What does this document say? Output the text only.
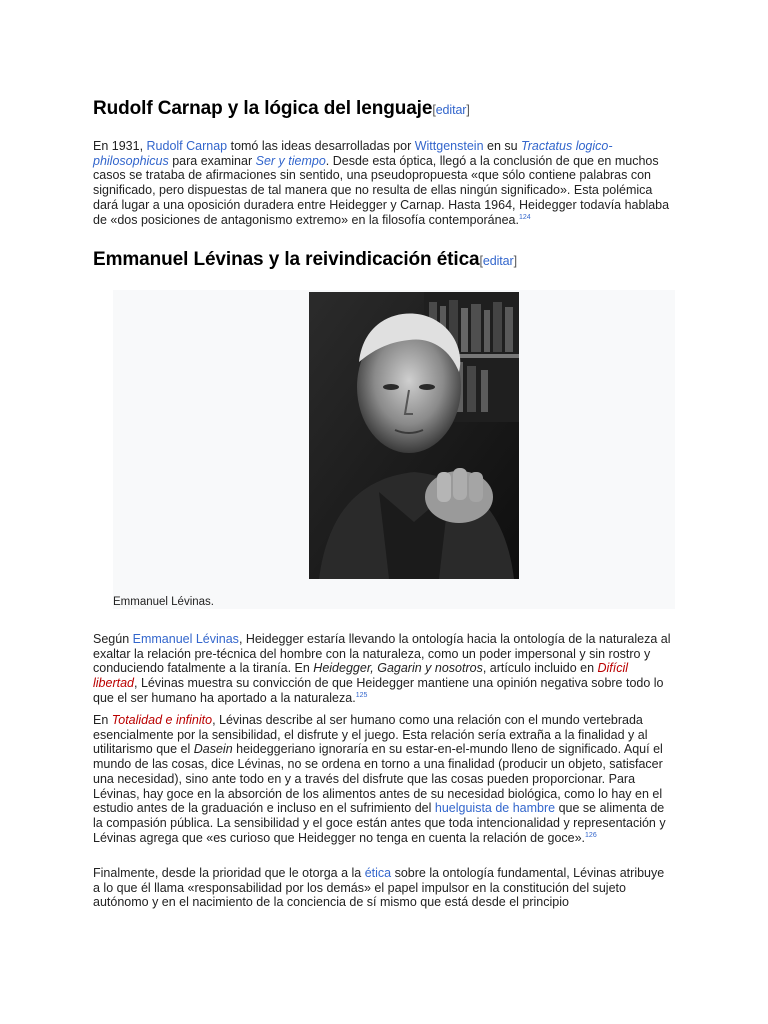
Rudolf Carnap y la lógica del lenguaje[editar]

En 1931, Rudolf Carnap tomó las ideas desarrolladas por Wittgenstein en su Tractatus logico-philosophicus para examinar Ser y tiempo. Desde esta óptica, llegó a la conclusión de que en muchos casos se trataba de afirmaciones sin sentido, una pseudopropuesta «que sólo contiene palabras con significado, pero dispuestas de tal manera que no resulta de ellas ningún significado». Esta polémica dará lugar a una oposición duradera entre Heidegger y Carnap. Hasta 1964, Heidegger todavía hablaba de «dos posiciones de antagonismo extremo» en la filosofía contemporánea.$^{124}$

Emmanuel Lévinas y la reivindicación ética[editar]
Emmanuel Lévinas.

Según Emmanuel Lévinas, Heidegger estaría llevando la ontología hacia la ontología de la naturaleza al exaltar la relación pre-técnica del hombre con la naturaleza, como un poder impersonal y sin rostro y conduciendo fatalmente a la tiranía. En Heidegger, Gagarin y nosotros, artículo incluido en Difícil libertad, Lévinas muestra su convicción de que Heidegger mantiene una opinión negativa sobre todo lo que el ser humano ha aportado a la naturaleza.$^{125}$

En Totalidad e infinito, Lévinas describe al ser humano como una relación con el mundo vertebrada esencialmente por la sensibilidad, el disfrute y el juego. Esta relación sería extraña a la finalidad y al utilitarismo que el Dasein heideggeriano ignoraría en su estar-en-el-mundo lleno de significado. Aquí el mundo de las cosas, dice Lévinas, no se ordena en torno a una finalidad (producir un objeto, satisfacer una necesidad), sino ante todo en y a través del disfrute que las cosas pueden proporcionar. Para Lévinas, hay goce en la absorción de los alimentos antes de su necesidad biológica, como lo hay en el estudio antes de la graduación e incluso en el sufrimiento del huelguista de hambre que se alimenta de la compasión pública. La sensibilidad y el goce están antes que toda intencionalidad y representación y Lévinas agrega que «es curioso que Heidegger no tenga en cuenta la relación de goce».$^{126}$

Finalmente, desde la prioridad que le otorga a la ética sobre la ontología fundamental, Lévinas atribuye a lo que él llama «responsabilidad por los demás» el papel impulsor en la constitución del sujeto autónomo y en el nacimiento de la conciencia de sí mismo que está desde el principio
